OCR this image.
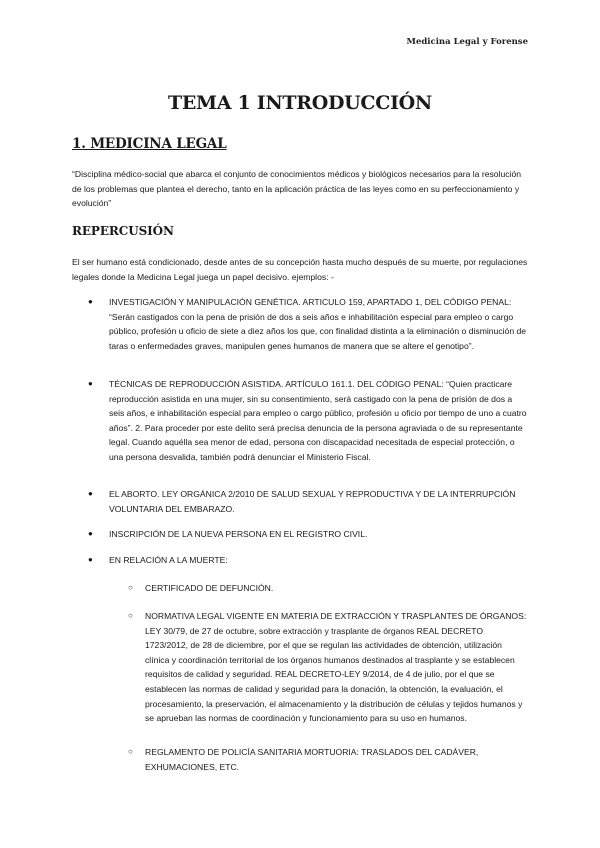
Medicina Legal y Forense
TEMA 1 INTRODUCCIÓN
1. MEDICINA LEGAL
“Disciplina médico-social que abarca el conjunto de conocimientos médicos y biológicos necesarios para la resolución de los problemas que plantea el derecho, tanto en la aplicación práctica de las leyes como en su perfeccionamiento y evolución”
REPERCUSIÓN
El ser humano está condicionado, desde antes de su concepción hasta mucho después de su muerte, por regulaciones legales donde la Medicina Legal juega un papel decisivo. ejemplos: -
● INVESTIGACIÓN Y MANIPULACIÓN GENÉTICA. ARTICULO 159, APARTADO 1, DEL CÓDIGO PENAL: “Serán castigados con la pena de prisión de dos a seis años e inhabilitación especial para empleo o cargo público, profesión u oficio de siete a diez años los que, con finalidad distinta a la eliminación o disminución de taras o enfermedades graves, manipulen genes humanos de manera que se altere el genotipo”.
● TÉCNICAS DE REPRODUCCIÓN ASISTIDA. ARTÍCULO 161.1. DEL CÓDIGO PENAL: “Quien practicare reproducción asistida en una mujer, sin su consentimiento, será castigado con la pena de prisión de dos a seis años, e inhabilitación especial para empleo o cargo público, profesión u oficio por tiempo de uno a cuatro años”. 2. Para proceder por este delito será precisa denuncia de la persona agraviada o de su representante legal. Cuando aquélla sea menor de edad, persona con discapacidad necesitada de especial protección, o una persona desvalida, también podrá denunciar el Ministerio Fiscal.
● EL ABORTO. LEY ORGÁNICA 2/2010 DE SALUD SEXUAL Y REPRODUCTIVA Y DE LA INTERRUPCIÓN VOLUNTARIA DEL EMBARAZO.
● INSCRIPCIÓN DE LA NUEVA PERSONA EN EL REGISTRO CIVIL.
● EN RELACIÓN A LA MUERTE:
○ CERTIFICADO DE DEFUNCIÓN.
○ NORMATIVA LEGAL VIGENTE EN MATERIA DE EXTRACCIÓN Y TRASPLANTES DE ÓRGANOS: LEY 30/79, de 27 de octubre, sobre extracción y trasplante de órganos REAL DECRETO 1723/2012, de 28 de diciembre, por el que se regulan las actividades de obtención, utilización clínica y coordinación territorial de los órganos humanos destinados al trasplante y se establecen requisitos de calidad y seguridad. REAL DECRETO-LEY 9/2014, de 4 de julio, por el que se establecen las normas de calidad y seguridad para la donación, la obtención, la evaluación, el procesamiento, la preservación, el almacenamiento y la distribución de células y tejidos humanos y se aprueban las normas de coordinación y funcionamiento para su uso en humanos.
○ REGLAMENTO DE POLICÍA SANITARIA MORTUORIA: TRASLADOS DEL CADÁVER, EXHUMACIONES, ETC.
